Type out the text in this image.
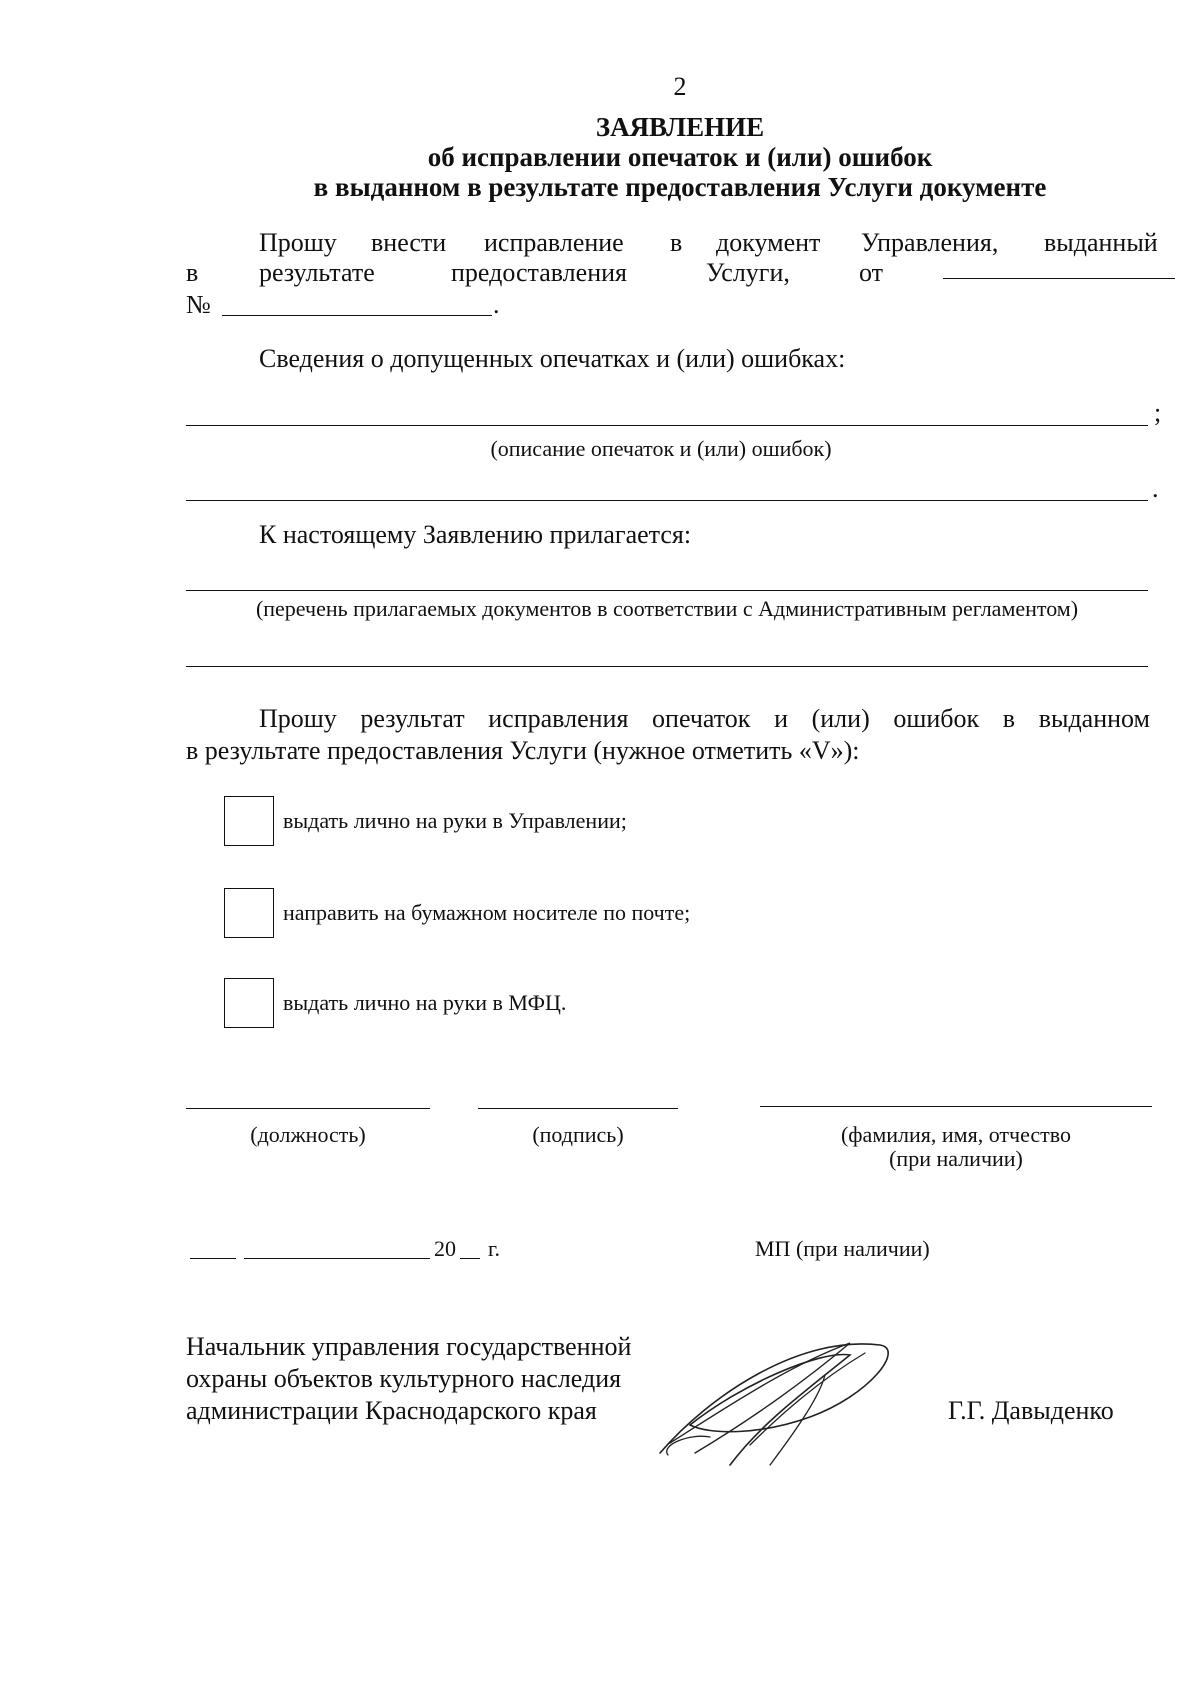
2
ЗАЯВЛЕНИЕ
об исправлении опечаток и (или) ошибок
в выданном в результате предоставления Услуги документе
Прошу внести исправление в документ Управления, выданный
в результате	предоставления	Услуги,	от
№	.
Сведения о допущенных опечатках и (или) ошибках:
;
(описание опечаток и (или) ошибок)
.
К настоящему Заявлению прилагается:
(перечень прилагаемых документов в соответствии с Административным регламентом)
Прошу результат исправления опечаток и (или) ошибок в выданном
в результате предоставления Услуги (нужное отметить «V»):
выдать лично на руки в Управлении;
направить на бумажном носителе по почте;
выдать лично на руки в МФЦ.
(должность)	(подпись)	(фамилия, имя, отчество
(при наличии)
20 г.	МП (при наличии)
Начальник управления государственной
охраны объектов культурного наследия
администрации Краснодарского края	Г.Г. Давыденко
